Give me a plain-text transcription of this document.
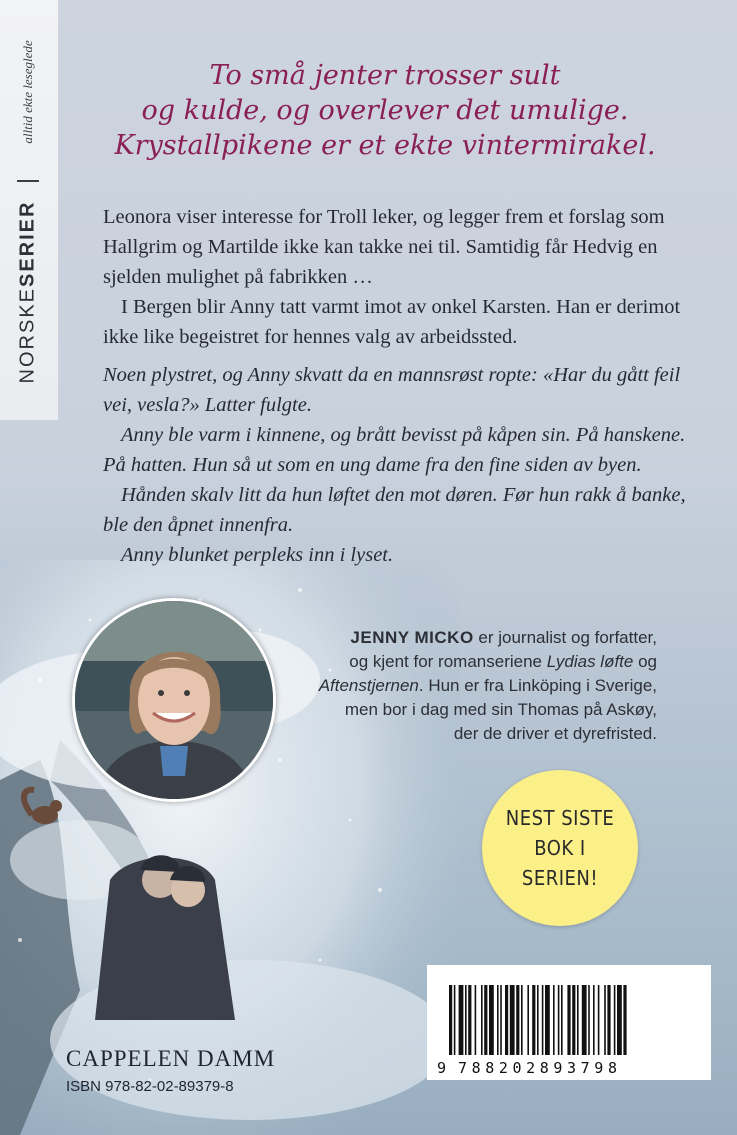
alltid ekte leseglede
NORSKESERIER
To små jenter trosser sult
og kulde, og overlever det umulige.
Krystallpikene er et ekte vintermirakel.

Leonora viser interesse for Troll leker, og legger frem et forslag som Hallgrim og Martilde ikke kan takke nei til. Samtidig får Hedvig en sjelden mulighet på fabrikken …

I Bergen blir Anny tatt varmt imot av onkel Karsten. Han er derimot ikke like begeistret for hennes valg av arbeidssted.

Noen plystret, og Anny skvatt da en mannsrøst ropte: «Har du gått feil vei, vesla?» Latter fulgte.

Anny ble varm i kinnene, og brått bevisst på kåpen sin. På hanskene. På hatten. Hun så ut som en ung dame fra den fine siden av byen.

Hånden skalv litt da hun løftet den mot døren. Før hun rakk å banke, ble den åpnet innenfra.

Anny blunket perpleks inn i lyset.

JENNY MICKO er journalist og forfatter,
og kjent for romanseriene Lydias løfte og
Aftenstjernen. Hun er fra Linköping i Sverige,
men bor i dag med sin Thomas på Askøy,
der de driver et dyrefristed.
NEST SISTE
BOK I
SERIEN!
9 788202893798
CAPPELEN DAMM
ISBN 978-82-02-89379-8
